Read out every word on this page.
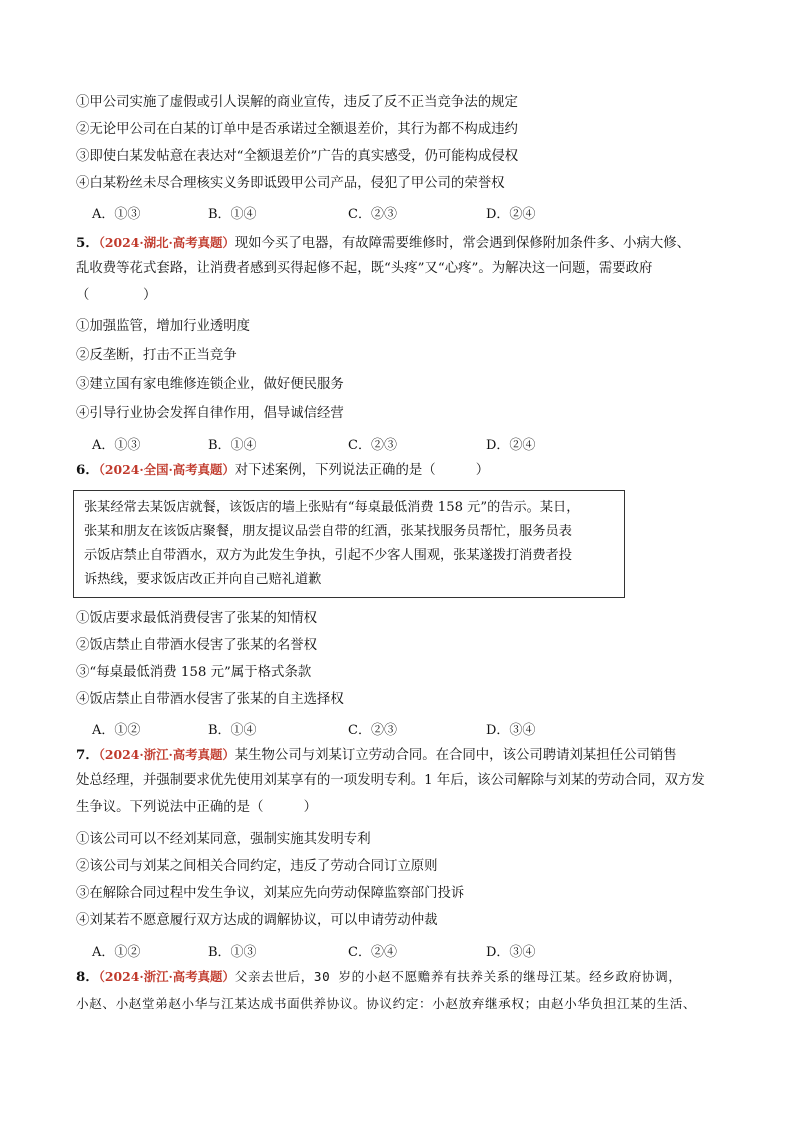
①甲公司实施了虚假或引人误解的商业宣传，违反了反不正当竞争法的规定
②无论甲公司在白某的订单中是否承诺过全额退差价，其行为都不构成违约
③即使白某发帖意在表达对“全额退差价”广告的真实感受，仍可能构成侵权
④白某粉丝未尽合理核实义务即诋毁甲公司产品，侵犯了甲公司的荣誉权
A．①③	B．①④	C．②③	D．②④
5．（2024·湖北·高考真题）现如今买了电器，有故障需要维修时，常会遇到保修附加条件多、小病大修、
乱收费等花式套路，让消费者感到买得起修不起，既“头疼”又“心疼”。为解决这一问题，需要政府
（　　　　）
①加强监管，增加行业透明度
②反垄断，打击不正当竞争
③建立国有家电维修连锁企业，做好便民服务
④引导行业协会发挥自律作用，倡导诚信经营
A．①③	B．①④	C．②③	D．②④
6．（2024·全国·高考真题）对下述案例，下列说法正确的是（　　　）
张某经常去某饭店就餐，该饭店的墙上张贴有“每桌最低消费 158 元”的告示。某日，
张某和朋友在该饭店聚餐，朋友提议品尝自带的红酒，张某找服务员帮忙，服务员表
示饭店禁止自带酒水，双方为此发生争执，引起不少客人围观，张某遂拨打消费者投
诉热线，要求饭店改正并向自己赔礼道歉
①饭店要求最低消费侵害了张某的知情权
②饭店禁止自带酒水侵害了张某的名誉权
③“每桌最低消费 158 元”属于格式条款
④饭店禁止自带酒水侵害了张某的自主选择权
A．①②	B．①④	C．②③	D．③④
7．（2024·浙江·高考真题）某生物公司与刘某订立劳动合同。在合同中，该公司聘请刘某担任公司销售
处总经理，并强制要求优先使用刘某享有的一项发明专利。1 年后，该公司解除与刘某的劳动合同，双方发
生争议。下列说法中正确的是（　　　）
①该公司可以不经刘某同意，强制实施其发明专利
②该公司与刘某之间相关合同约定，违反了劳动合同订立原则
③在解除合同过程中发生争议，刘某应先向劳动保障监察部门投诉
④刘某若不愿意履行双方达成的调解协议，可以申请劳动仲裁
A．①②	B．①③	C．②④	D．③④
8．（2024·浙江·高考真题）父亲去世后，30 岁的小赵不愿赡养有扶养关系的继母江某。经乡政府协调，
小赵、小赵堂弟赵小华与江某达成书面供养协议。协议约定：小赵放弃继承权；由赵小华负担江某的生活、
